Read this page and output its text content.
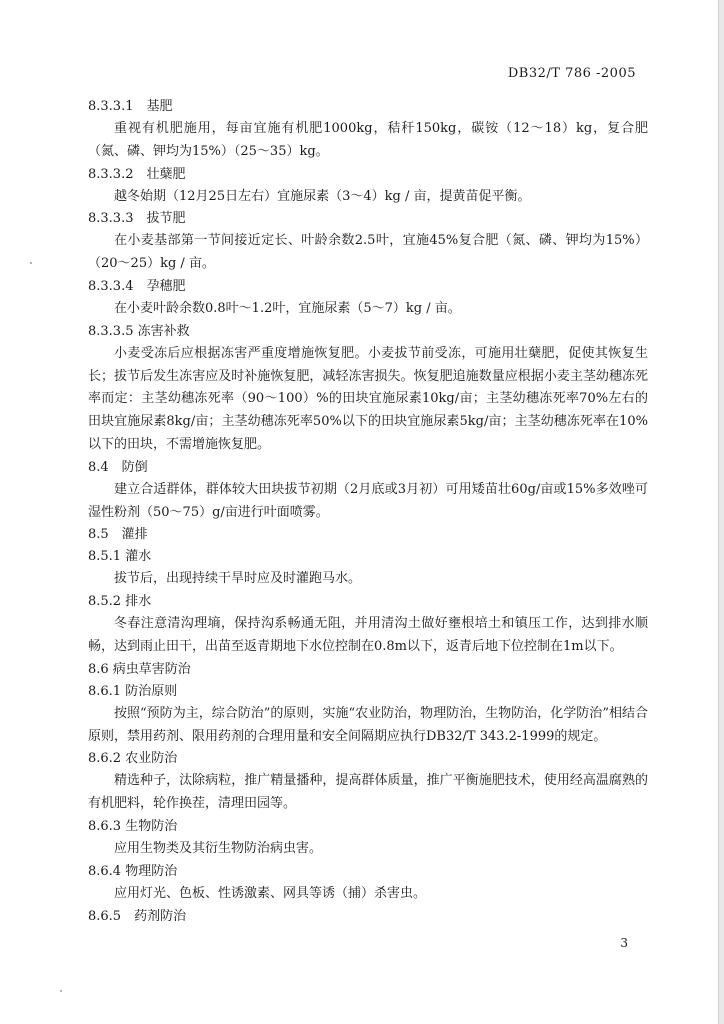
DB32/T 786 -2005
8.3.3.1　基肥
重视有机肥施用，每亩宜施有机肥1000kg，秸秆150kg，碳铵（12～18）kg，复合肥（氮、磷、钾均为15%）（25～35）kg。
8.3.3.2　壮蘖肥
越冬始期（12月25日左右）宜施尿素（3～4）kg / 亩，提黄苗促平衡。
8.3.3.3　拔节肥
在小麦基部第一节间接近定长、叶龄余数2.5叶，宜施45%复合肥（氮、磷、钾均为15%）（20～25）kg / 亩。
8.3.3.4　孕穗肥
在小麦叶龄余数0.8叶～1.2叶，宜施尿素（5～7）kg / 亩。
8.3.3.5 冻害补救
小麦受冻后应根据冻害严重度增施恢复肥。小麦拔节前受冻，可施用壮蘖肥，促使其恢复生长；拔节后发生冻害应及时补施恢复肥，减轻冻害损失。恢复肥追施数量应根据小麦主茎幼穗冻死率而定：主茎幼穗冻死率（90～100）%的田块宜施尿素10kg/亩；主茎幼穗冻死率70%左右的田块宜施尿素8kg/亩；主茎幼穗冻死率50%以下的田块宜施尿素5kg/亩；主茎幼穗冻死率在10%以下的田块，不需增施恢复肥。
8.4　防倒
建立合适群体，群体较大田块拔节初期（2月底或3月初）可用矮苗壮60g/亩或15%多效唑可湿性粉剂（50～75）g/亩进行叶面喷雾。
8.5　灌排
8.5.1 灌水
拔节后，出现持续干旱时应及时灌跑马水。
8.5.2 排水
冬春注意清沟理墒，保持沟系畅通无阻，并用清沟土做好壅根培土和镇压工作，达到排水顺畅，达到雨止田干，出苗至返青期地下水位控制在0.8m以下，返青后地下位控制在1m以下。
8.6 病虫草害防治
8.6.1 防治原则
按照“预防为主，综合防治”的原则，实施“农业防治，物理防治，生物防治，化学防治”相结合原则，禁用药剂、限用药剂的合理用量和安全间隔期应执行DB32/T 343.2-1999的规定。
8.6.2 农业防治
精选种子，汰除病粒，推广精量播种，提高群体质量，推广平衡施肥技术，使用经高温腐熟的有机肥料，轮作换茬，清理田园等。
8.6.3 生物防治
应用生物类及其衍生物防治病虫害。
8.6.4 物理防治
应用灯光、色板、性诱激素、网具等诱（捕）杀害虫。
8.6.5　药剂防治
3
